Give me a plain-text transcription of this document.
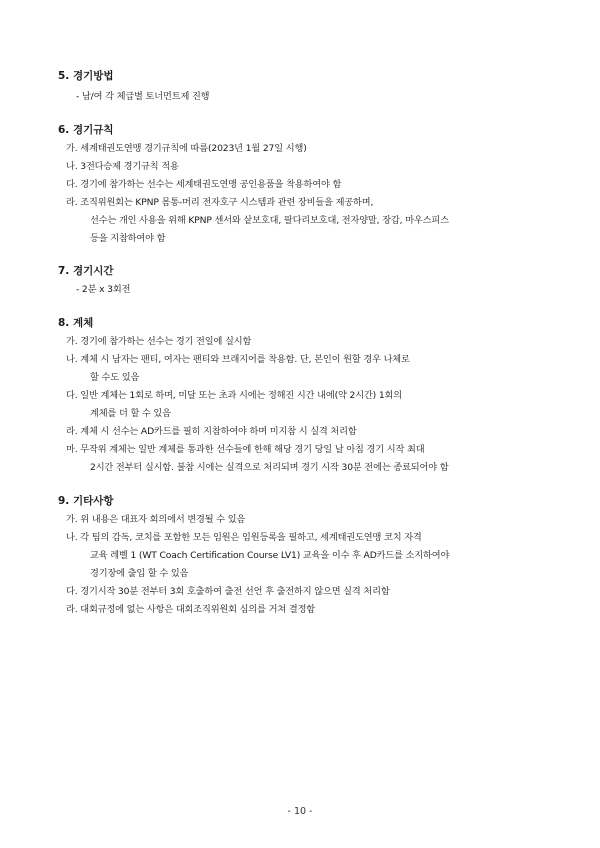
5. 경기방법
- 남/여 각 체급별 토너먼트제 진행
6. 경기규칙
가. 세계태권도연맹 경기규칙에 따름(2023년 1월 27일 시행)
나. 3전다승제 경기규칙 적용
다. 경기에 참가하는 선수는 세계태권도연맹 공인용품을 착용하여야 함
라. 조직위원회는 KPNP 몸통-머리 전자호구 시스템과 관련 장비들을 제공하며,
선수는 개인 사용을 위해 KPNP 센서와 샅보호대, 팔다리보호대, 전자양말, 장갑, 마우스피스
등을 지참하여야 함
7. 경기시간
- 2분 x 3회전
8. 계체
가. 경기에 참가하는 선수는 경기 전일에 실시함
나. 계체 시 남자는 팬티, 여자는 팬티와 브래지어를 착용함. 단, 본인이 원할 경우 나체로
할 수도 있음
다. 일반 계체는 1회로 하며, 미달 또는 초과 시에는 정해진 시간 내에(약 2시간) 1회의
계체를 더 할 수 있음
라. 계체 시 선수는 AD카드를 필히 지참하여야 하며 미지참 시 실격 처리함
마. 무작위 계체는 일반 계체를 통과한 선수들에 한해 해당 경기 당일 날 아침 경기 시작 최대
2시간 전부터 실시함. 불참 시에는 실격으로 처리되며 경기 시작 30분 전에는 종료되어야 함
9. 기타사항
가. 위 내용은 대표자 회의에서 변경될 수 있음
나. 각 팀의 감독, 코치를 포함한 모든 임원은 임원등록을 필하고, 세계태권도연맹 코치 자격
교육 레벨 1 (WT Coach Certification Course LV1) 교육을 이수 후 AD카드를 소지하여야
경기장에 출입 할 수 있음
다. 경기시작 30분 전부터 3회 호출하여 출전 선언 후 출전하지 않으면 실격 처리함
라. 대회규정에 없는 사항은 대회조직위원회 심의를 거쳐 결정함
- 10 -
